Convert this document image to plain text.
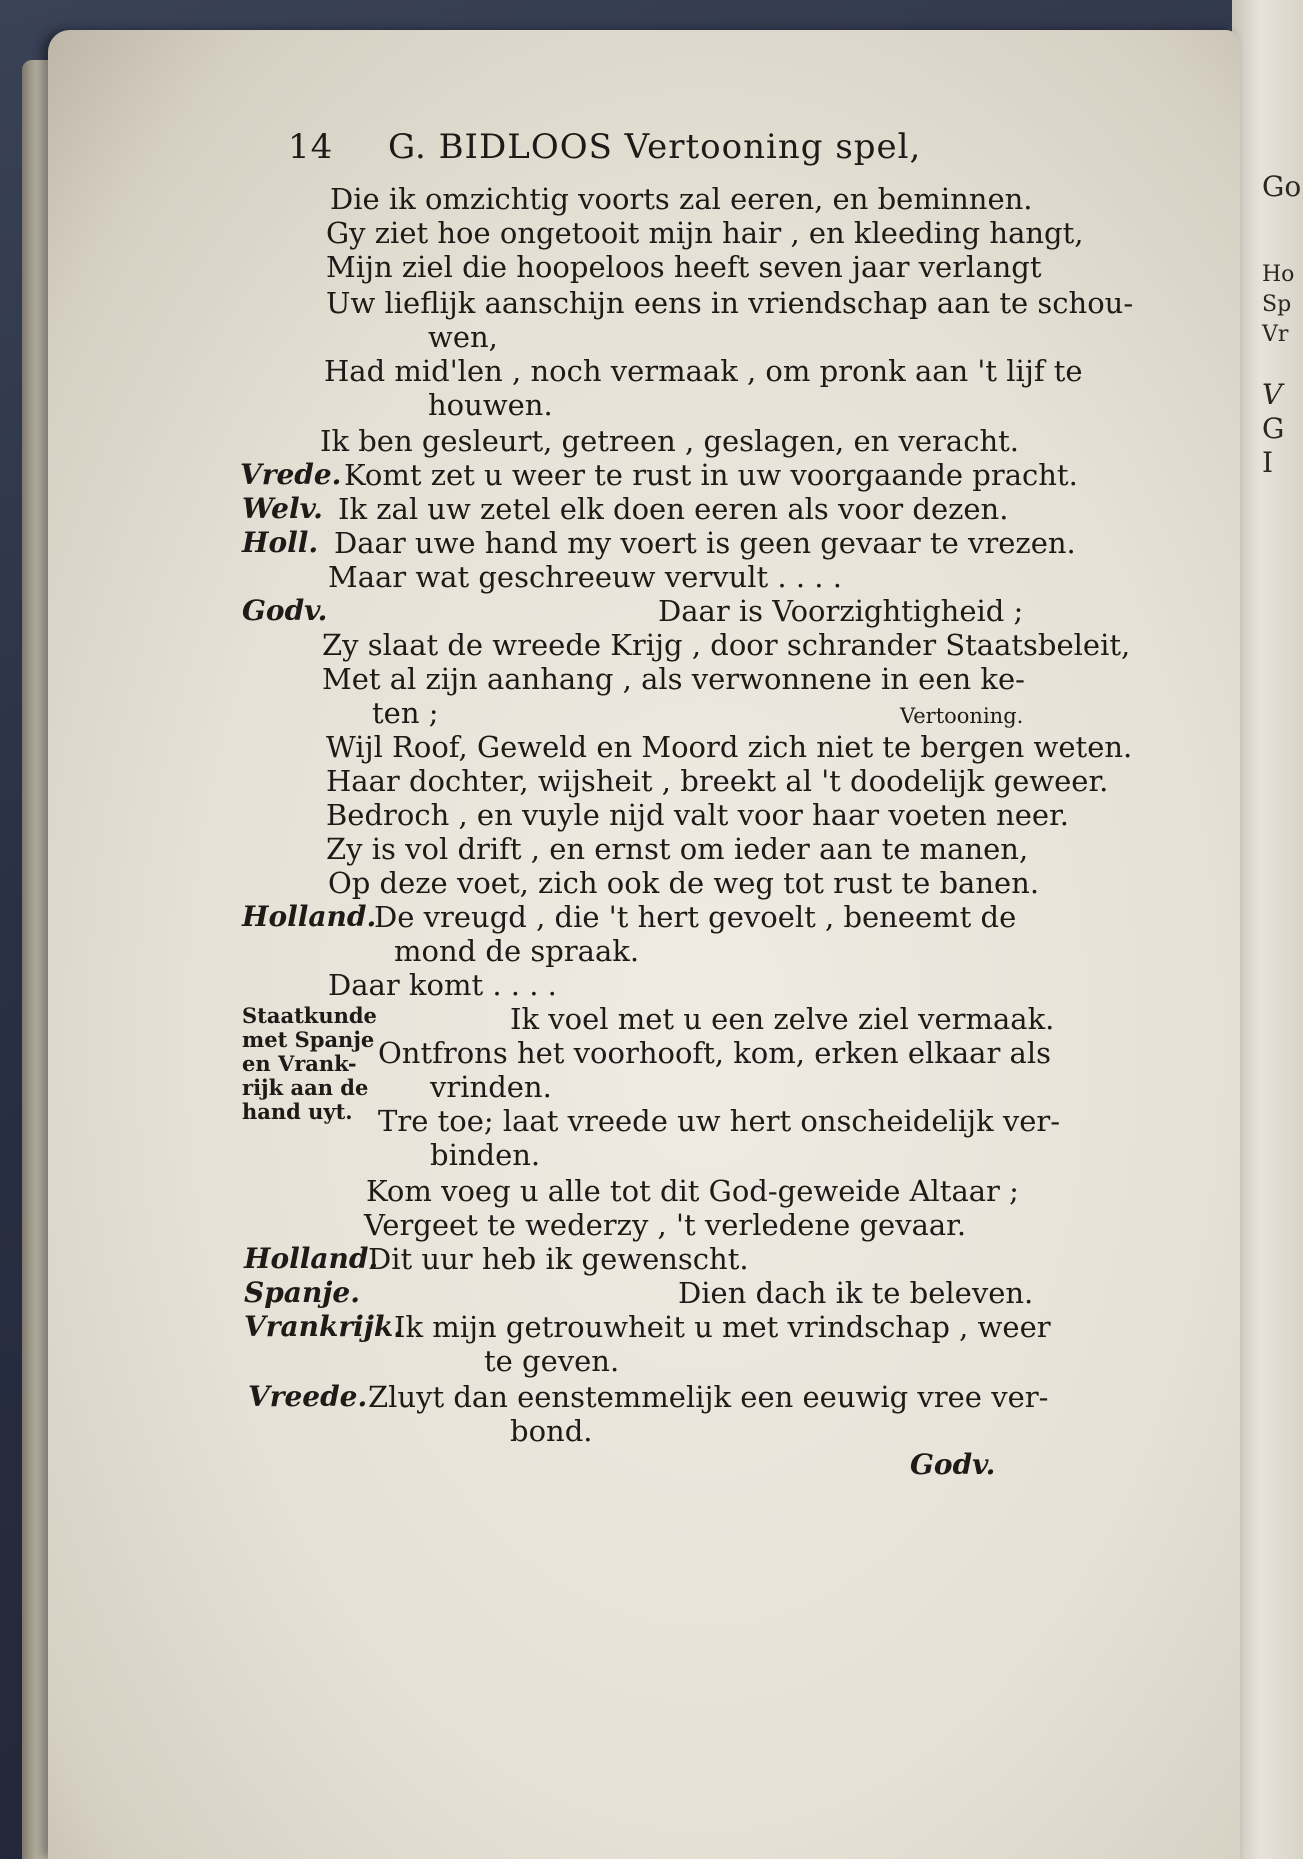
Go
Ho
Sp
Vr
V
G
I
14 G. BIDLOOS Vertooning spel,
Die ik omzichtig voorts zal eeren, en beminnen.
Gy ziet hoe ongetooit mijn hair , en kleeding hangt,
Mijn ziel die hoopeloos heeft seven jaar verlangt
Uw lieflijk aanschijn eens in vriendschap aan te schou-
wen,
Had mid'len , noch vermaak , om pronk aan 't lijf te
houwen.
Ik ben gesleurt, getreen , geslagen, en veracht.
Vrede. Komt zet u weer te rust in uw voorgaande pracht.
Welv. Ik zal uw zetel elk doen eeren als voor dezen.
Holl. Daar uwe hand my voert is geen gevaar te vrezen.
Maar wat geschreeuw vervult . . . .
Godv.	Daar is Voorzightigheid ;
Zy slaat de wreede Krijg , door schrander Staatsbeleit,
Met al zijn aanhang , als verwonnene in een ke-
ten ;	Vertooning.
Wijl Roof, Geweld en Moord zich niet te bergen weten.
Haar dochter, wijsheit , breekt al 't doodelijk geweer.
Bedroch , en vuyle nijd valt voor haar voeten neer.
Zy is vol drift , en ernst om ieder aan te manen,
Op deze voet, zich ook de weg tot rust te banen.
Holland.
De vreugd , die 't hert gevoelt , beneemt de
mond de spraak.
Daar komt . . . .
Staatkunde
met Spanje
en Vrank-
rijk aan de
hand uyt.
Ik voel met u een zelve ziel vermaak.
Ontfrons het voorhooft, kom, erken elkaar als
vrinden.
Tre toe; laat vreede uw hert onscheidelijk ver-
binden.
Kom voeg u alle tot dit God-geweide Altaar ;
Vergeet te wederzy , 't verledene gevaar.
Holland.
Dit uur heb ik gewenscht.
Spanje.	Dien dach ik te beleven.
Vrankrijk.
Ik mijn getrouwheit u met vrindschap , weer
te geven.
Vreede. Zluyt dan eenstemmelijk een eeuwig vree ver-
bond.
Godv.
